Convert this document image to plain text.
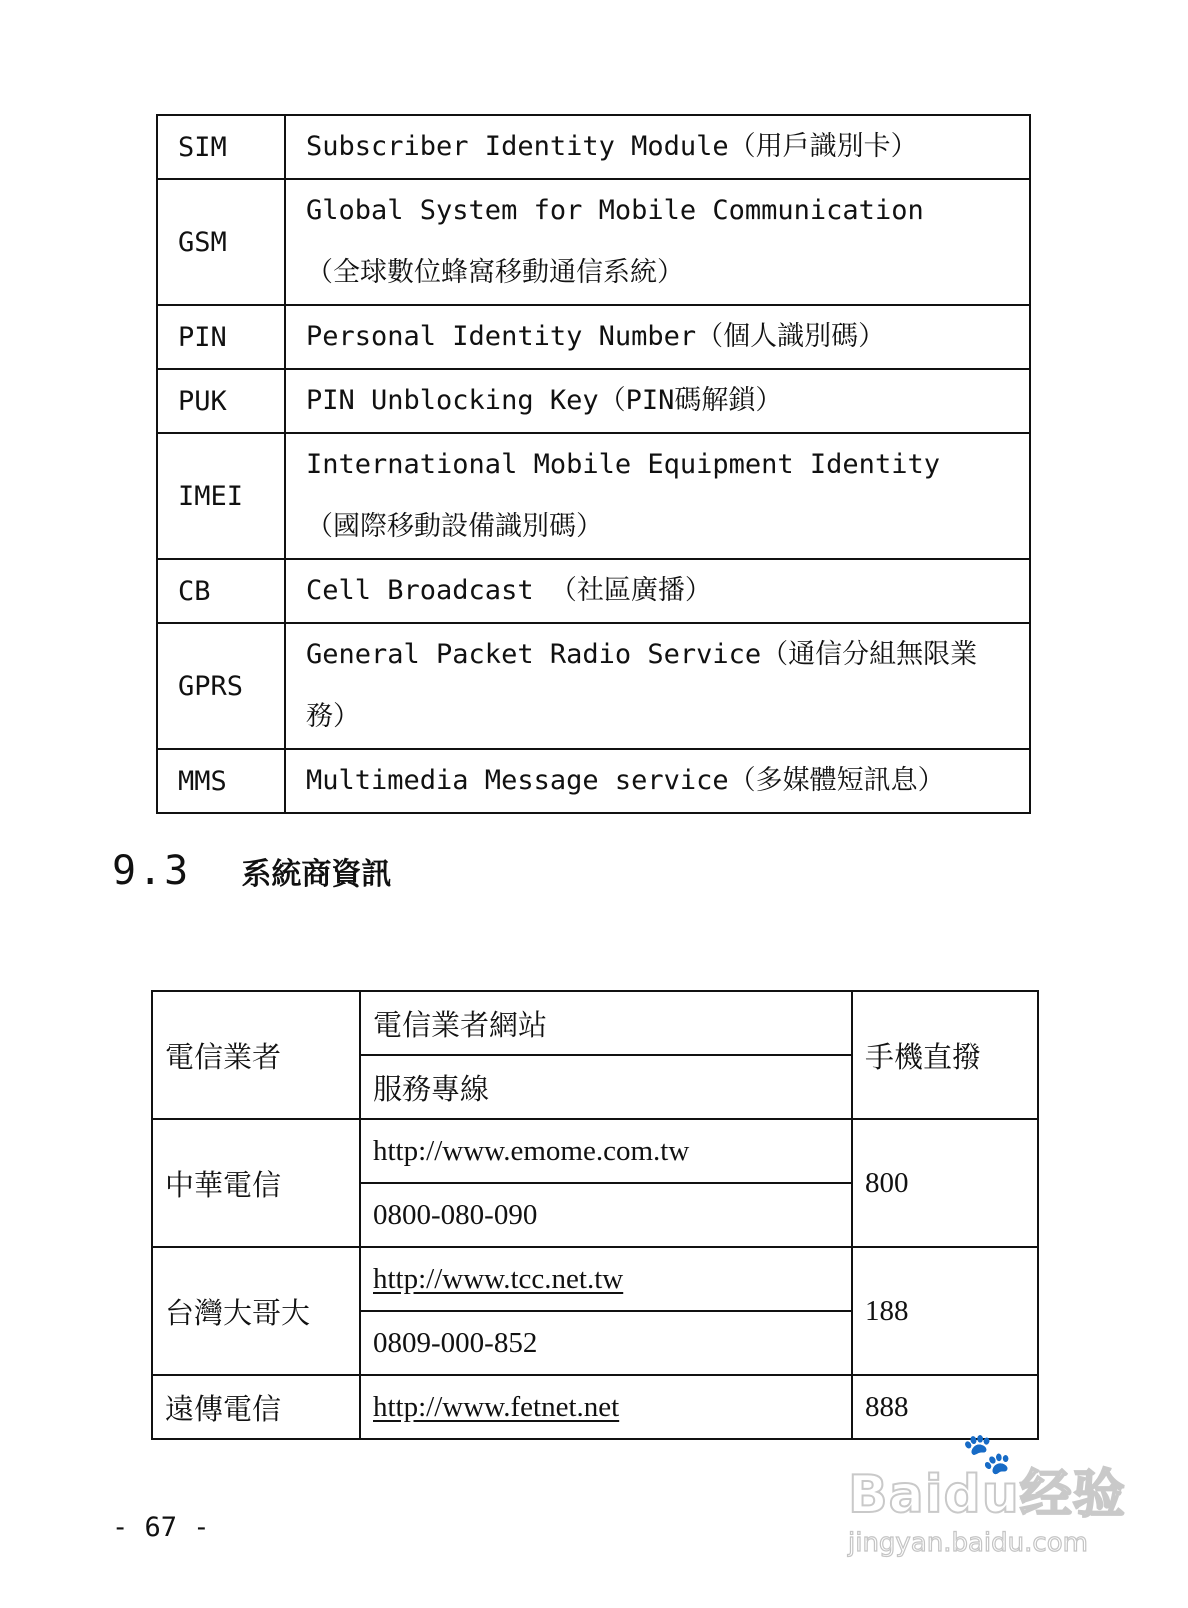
SIM	Subscriber Identity Module（用戶識別卡）

GSM	Global System for Mobile Communication
（全球數位蜂窩移動通信系統）

PIN	Personal Identity Number（個人識別碼）

PUK	PIN Unblocking Key（PIN碼解鎖）

IMEI	International Mobile Equipment Identity
（國際移動設備識別碼）

CB	Cell Broadcast （社區廣播）

GPRS	General Packet Radio Service（通信分組無限業
務）

MMS	Multimedia Message service（多媒體短訊息）
9.3 系統商資訊
電信業者	電信業者網站	手機直撥
	服務專線	
中華電信	http://www.emome.com.tw	800
	0800-080-090	
台灣大哥大	http://www.tcc.net.tw	188
	0809-000-852	
遠傳電信	http://www.fetnet.net	888
- 67 -
🐾
Baidu经验
jingyan.baidu.com
